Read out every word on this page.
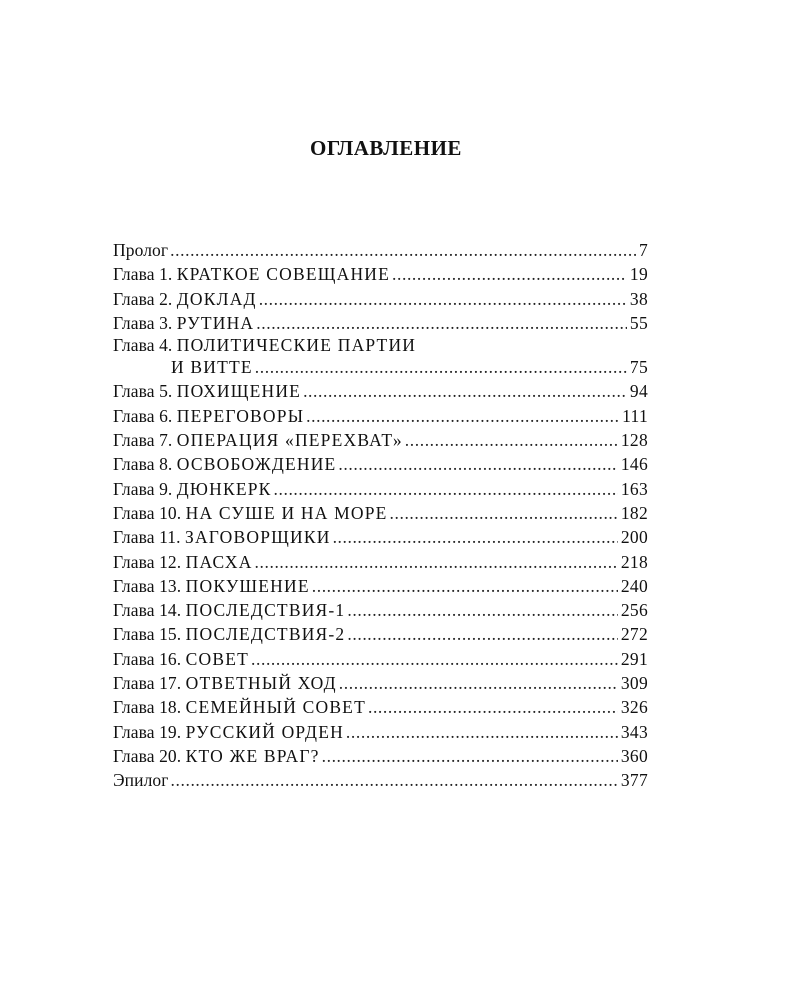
ОГЛАВЛЕНИЕ
Пролог .....	7
Глава 1. КРАТКОЕ СОВЕЩАНИЕ .....	19
Глава 2. ДОКЛАД .....	38
Глава 3. РУТИНА .....	55
Глава 4. ПОЛИТИЧЕСКИЕ ПАРТИИ
И ВИТТЕ .....	75
Глава 5. ПОХИЩЕНИЕ .....	94
Глава 6. ПЕРЕГОВОРЫ .....	111
Глава 7. ОПЕРАЦИЯ «ПЕРЕХВАТ» .....	128
Глава 8. ОСВОБОЖДЕНИЕ .....	146
Глава 9. ДЮНКЕРК .....	163
Глава 10. НА СУШЕ И НА МОРЕ .....	182
Глава 11. ЗАГОВОРЩИКИ .....	200
Глава 12. ПАСХА .....	218
Глава 13. ПОКУШЕНИЕ .....	240
Глава 14. ПОСЛЕДСТВИЯ-1 .....	256
Глава 15. ПОСЛЕДСТВИЯ-2 .....	272
Глава 16. СОВЕТ .....	291
Глава 17. ОТВЕТНЫЙ ХОД .....	309
Глава 18. СЕМЕЙНЫЙ СОВЕТ .....	326
Глава 19. РУССКИЙ ОРДЕН .....	343
Глава 20. КТО ЖЕ ВРАГ? .....	360
Эпилог .....	377
